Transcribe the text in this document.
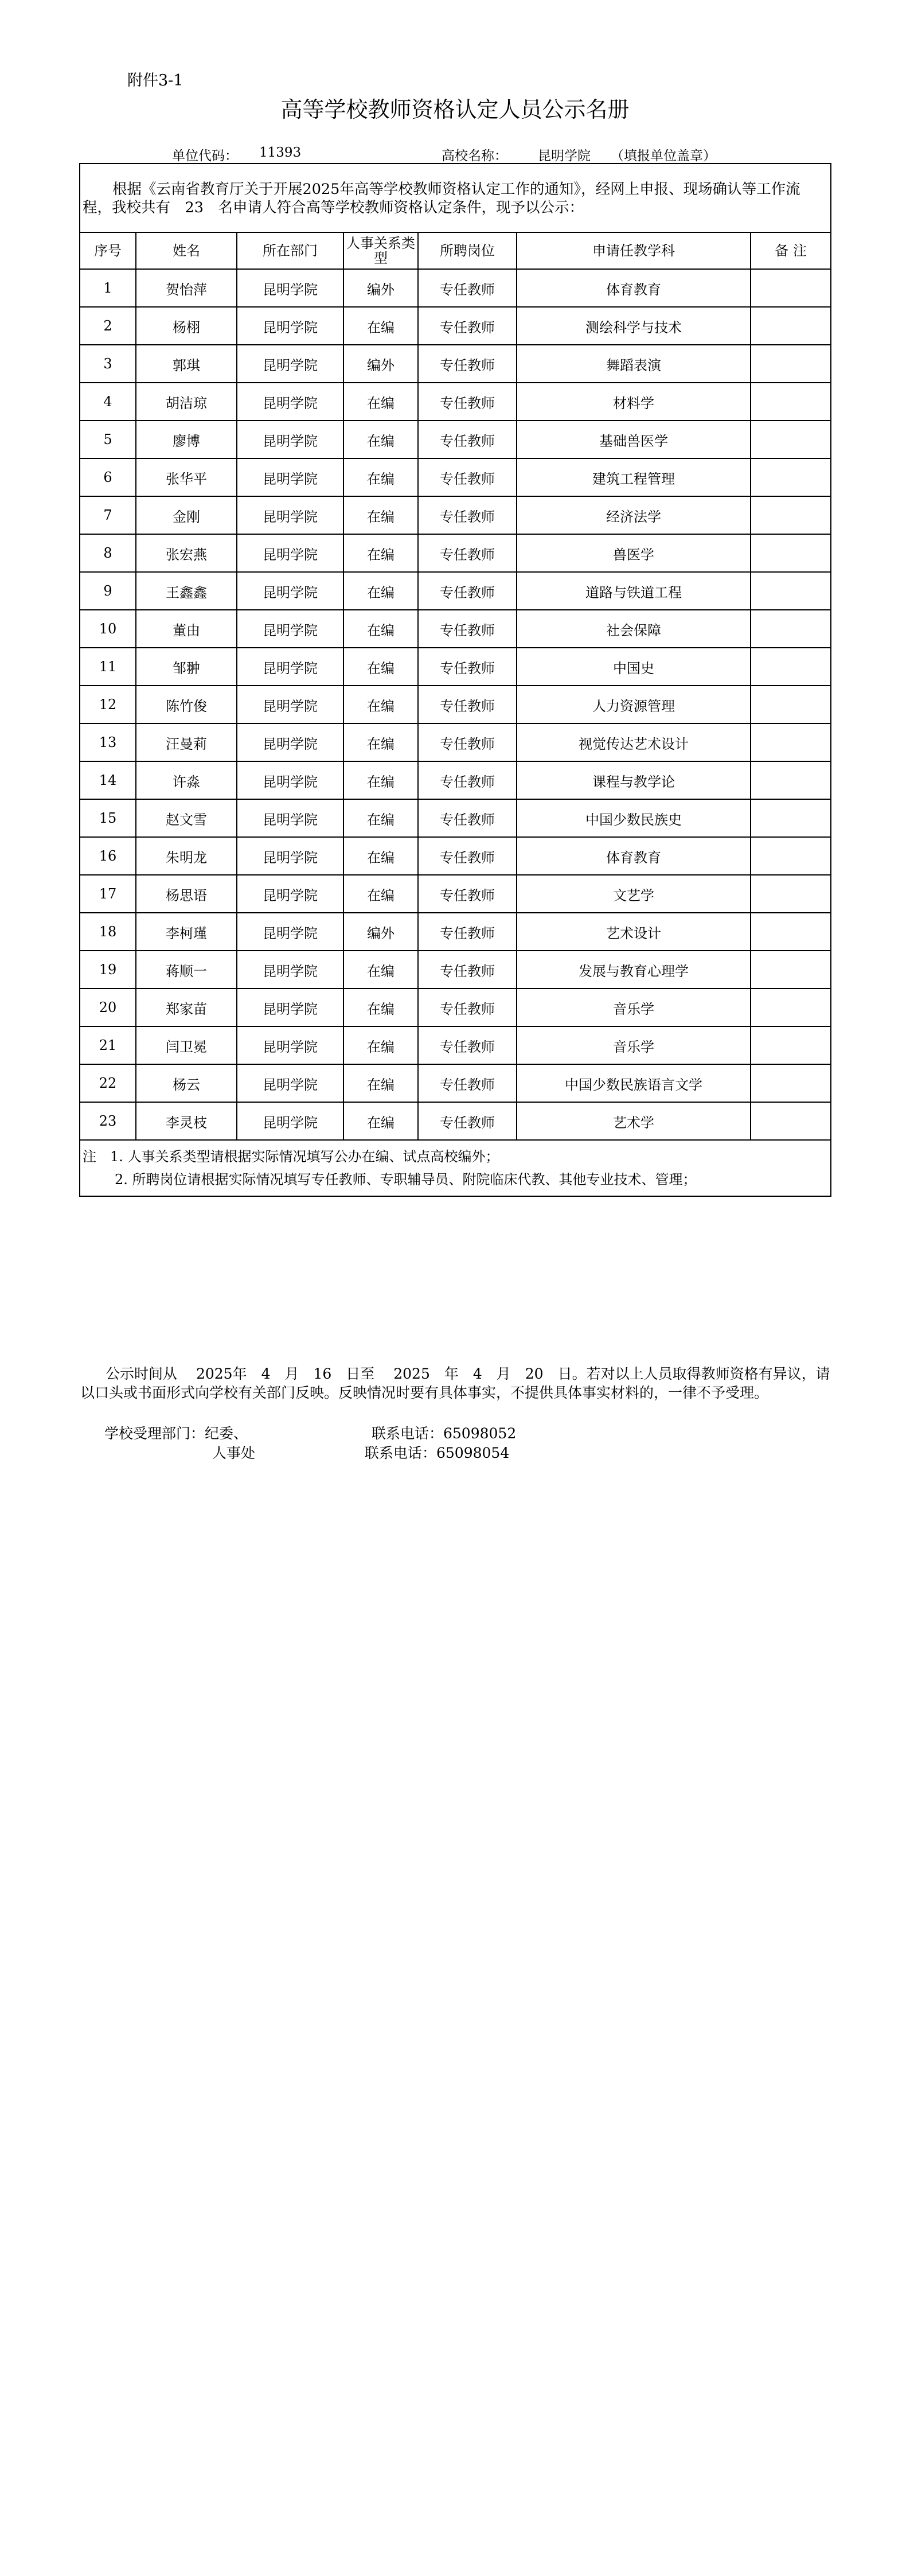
附件3-1
高等学校教师资格认定人员公示名册
单位代码： 11393	高校名称： 昆明学院 （填报单位盖章）
根据《云南省教育厅关于开展2025年高等学校教师资格认定工作的通知》，经网上申报、现场确认等工作流程，我校共有　23　名申请人符合高等学校教师资格认定条件，现予以公示：						
序号	姓名	所在部门	人事关系类型	所聘岗位	申请任教学科	备 注
1	贺怡萍	昆明学院	编外	专任教师	体育教育	
2	杨栩	昆明学院	在编	专任教师	测绘科学与技术	
3	郭琪	昆明学院	编外	专任教师	舞蹈表演	
4	胡洁琼	昆明学院	在编	专任教师	材料学	
5	廖博	昆明学院	在编	专任教师	基础兽医学	
6	张华平	昆明学院	在编	专任教师	建筑工程管理	
7	金刚	昆明学院	在编	专任教师	经济法学	
8	张宏燕	昆明学院	在编	专任教师	兽医学	
9	王鑫鑫	昆明学院	在编	专任教师	道路与铁道工程	
10	董由	昆明学院	在编	专任教师	社会保障	
11	邹翀	昆明学院	在编	专任教师	中国史	
12	陈竹俊	昆明学院	在编	专任教师	人力资源管理	
13	汪曼莉	昆明学院	在编	专任教师	视觉传达艺术设计	
14	许淼	昆明学院	在编	专任教师	课程与教学论	
15	赵文雪	昆明学院	在编	专任教师	中国少数民族史	
16	朱明龙	昆明学院	在编	专任教师	体育教育	
17	杨思语	昆明学院	在编	专任教师	文艺学	
18	李柯瑾	昆明学院	编外	专任教师	艺术设计	
19	蒋顺一	昆明学院	在编	专任教师	发展与教育心理学	
20	郑家苗	昆明学院	在编	专任教师	音乐学	
21	闫卫冕	昆明学院	在编	专任教师	音乐学	
22	杨云	昆明学院	在编	专任教师	中国少数民族语言文学	
23	李灵枝	昆明学院	在编	专任教师	艺术学	

注　1. 人事关系类型请根据实际情况填写公办在编、试点高校编外；
2. 所聘岗位请根据实际情况填写专任教师、专职辅导员、附院临床代教、其他专业技术、管理；						

公示时间从　 2025年　4　月　16　日至　 2025　年　4　月　20　日。若对以上人员取得教师资格有异议，请以口头或书面形式向学校有关部门反映。反映情况时要有具体事实，不提供具体事实材料的，一律不予受理。

学校受理部门：纪委、	联系电话：65098052
人事处	联系电话：65098054
